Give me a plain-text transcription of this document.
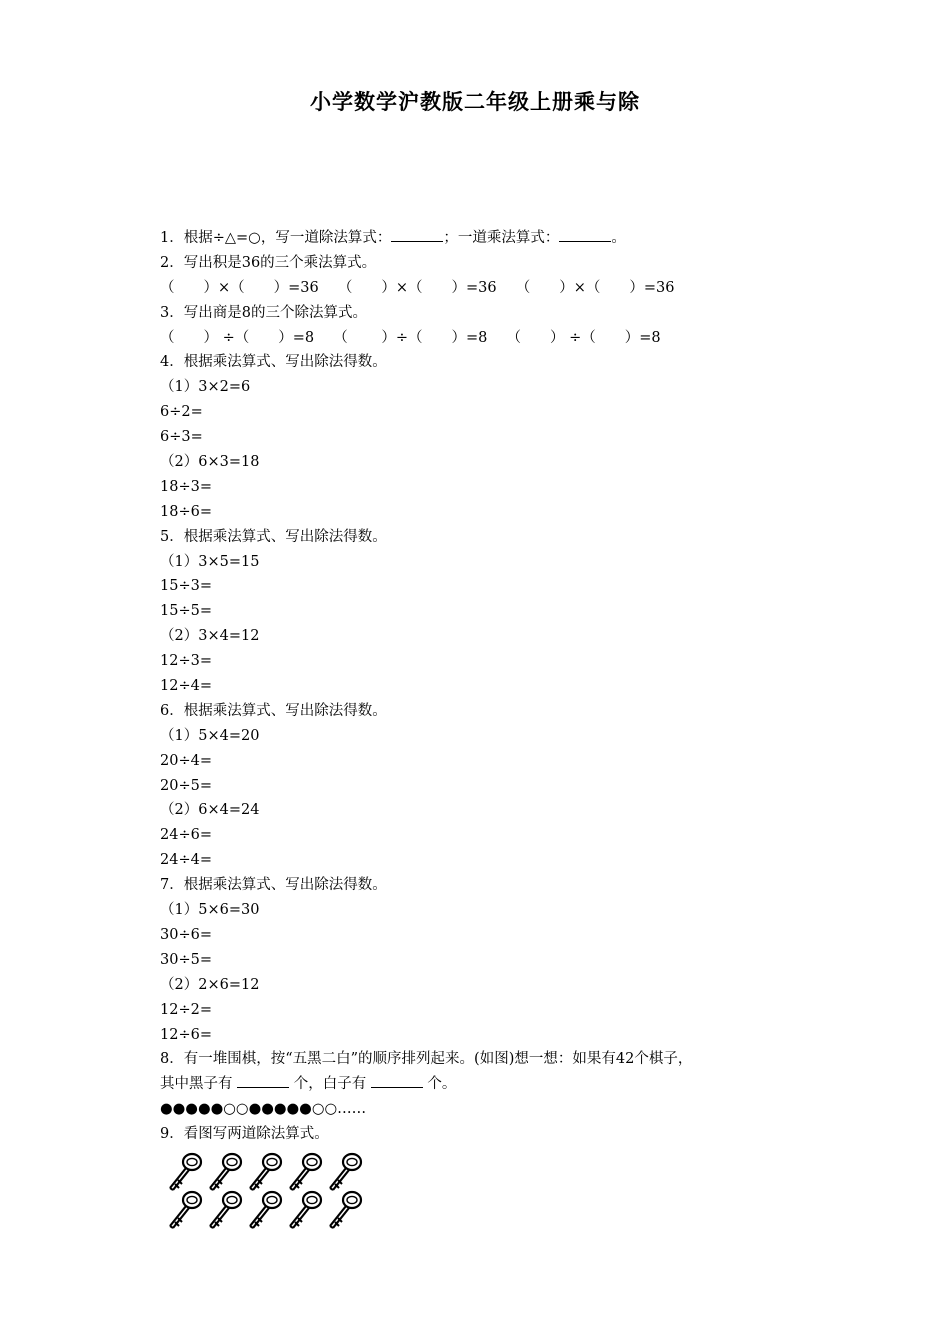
小学数学沪教版二年级上册乘与除
1．根据÷△=○，写一道除法算式：	；一道乘法算式：	。
2．写出积是36的三个乘法算式。
（　　）×（　　）=36　 （　　）×（　　）=36　 （　　）×（　　）=36
3．写出商是8的三个除法算式。
（　　） ÷（　　）=8　 （　　 ）÷（　　）=8　 （　　） ÷（　　）=8
4．根据乘法算式、写出除法得数。
（1）3×2=6
6÷2=
6÷3=
（2）6×3=18
18÷3=
18÷6=
5．根据乘法算式、写出除法得数。
（1）3×5=15
15÷3=
15÷5=
（2）3×4=12
12÷3=
12÷4=
6．根据乘法算式、写出除法得数。
（1）5×4=20
20÷4=
20÷5=
（2）6×4=24
24÷6=
24÷4=
7．根据乘法算式、写出除法得数。
（1）5×6=30
30÷6=
30÷5=
（2）2×6=12
12÷2=
12÷6=
8．有一堆围棋，按“五黑二白”的顺序排列起来。(如图)想一想：如果有42个棋子，
其中黑子有	个，白子有	个。
●●●●●○○●●●●●○○……
9．看图写两道除法算式。
